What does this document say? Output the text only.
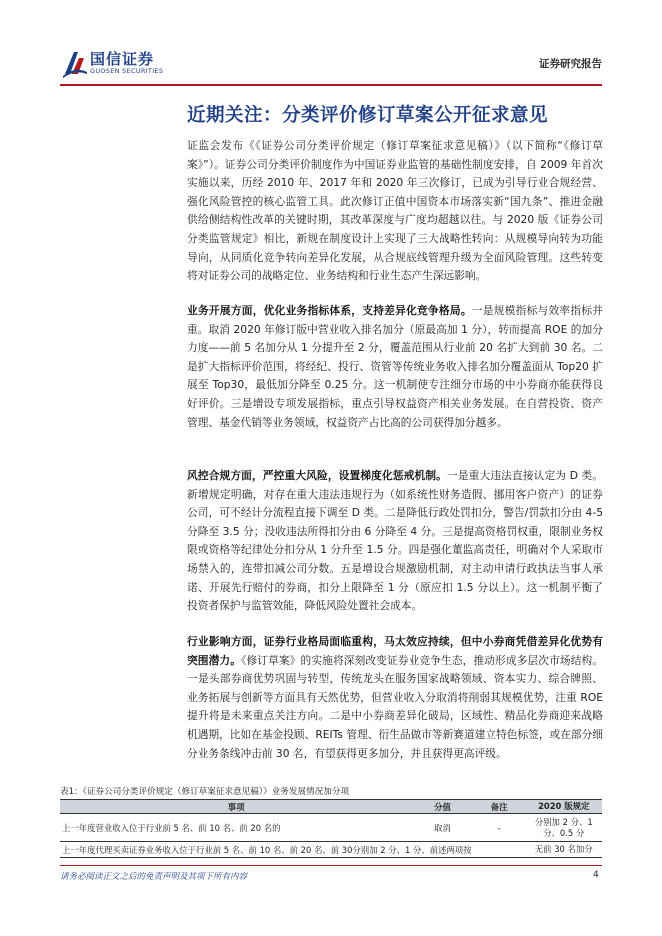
国信证券
GUOSEN SECURITIES
证券研究报告
近期关注：分类评价修订草案公开征求意见

证监会发布《《证券公司分类评价规定（修订草案征求意见稿）》（以下简称“《修订草案》”）。证券公司分类评价制度作为中国证券业监管的基础性制度安排，自 2009 年首次实施以来，历经 2010 年、2017 年和 2020 年三次修订，已成为引导行业合规经营、强化风险管控的核心监管工具。此次修订正值中国资本市场落实新“国九条”、推进金融供给侧结构性改革的关键时期，其改革深度与广度均超越以往。与 2020 版《证券公司分类监管规定》相比，新规在制度设计上实现了三大战略性转向：从规模导向转为功能导向，从同质化竞争转向差异化发展，从合规底线管理升级为全面风险管理。这些转变将对证券公司的战略定位、业务结构和行业生态产生深远影响。

业务开展方面，优化业务指标体系，支持差异化竞争格局。一是规模指标与效率指标并重。取消 2020 年修订版中营业收入排名加分（原最高加 1 分），转而提高 ROE 的加分力度——前 5 名加分从 1 分提升至 2 分，覆盖范围从行业前 20 名扩大到前 30 名。二是扩大指标评价范围，将经纪、投行、资管等传统业务收入排名加分覆盖面从 Top20 扩展至 Top30，最低加分降至 0.25 分。这一机制使专注细分市场的中小券商亦能获得良好评价。三是增设专项发展指标，重点引导权益资产相关业务发展。在自营投资、资产管理、基金代销等业务领域，权益资产占比高的公司获得加分越多。

风控合规方面，严控重大风险，设置梯度化惩戒机制。一是重大违法直接认定为 D 类。新增规定明确，对存在重大违法违规行为（如系统性财务造假、挪用客户资产）的证券公司，可不经计分流程直接下调至 D 类。二是降低行政处罚扣分，警告/罚款扣分由 4-5 分降至 3.5 分；没收违法所得扣分由 6 分降至 4 分。三是提高资格罚权重，限制业务权限或资格等纪律处分扣分从 1 分升至 1.5 分。四是强化董监高责任，明确对个人采取市场禁入的，连带扣减公司分数。五是增设合规激励机制，对主动申请行政执法当事人承诺、开展先行赔付的券商，扣分上限降至 1 分（原应扣 1.5 分以上）。这一机制平衡了投资者保护与监管效能，降低风险处置社会成本。

行业影响方面，证券行业格局面临重构，马太效应持续，但中小券商凭借差异化优势有突围潜力。《修订草案》的实施将深刻改变证券业竞争生态，推动形成多层次市场结构。一是头部券商优势巩固与转型，传统龙头在服务国家战略领域、资本实力、综合牌照、业务拓展与创新等方面具有天然优势，但营业收入分取消将削弱其规模优势，注重 ROE 提升将是未来重点关注方向。二是中小券商差异化破局，区域性、精品化券商迎来战略机遇期，比如在基金投顾、REITs 管理、衍生品做市等新赛道建立特色标签，或在部分细分业务条线冲击前 30 名，有望获得更多加分，并且获得更高评级。

表1：《证券公司分类评价规定（修订草案征求意见稿）》业务发展情况加分项
事项	分值	备注	2020 版规定
上一年度营业收入位于行业前 5 名、前 10 名、前 20 名的	取消	-	分别加 2 分、1 分、0.5 分
上一年度代理买卖证券业务收入位于行业前 5 名、前 10 名、前 20 名、前 30分别加 2 分、1 分、前述两项按			无前 30 名加分
请务必阅读正文之后的免责声明及其项下所有内容	4
